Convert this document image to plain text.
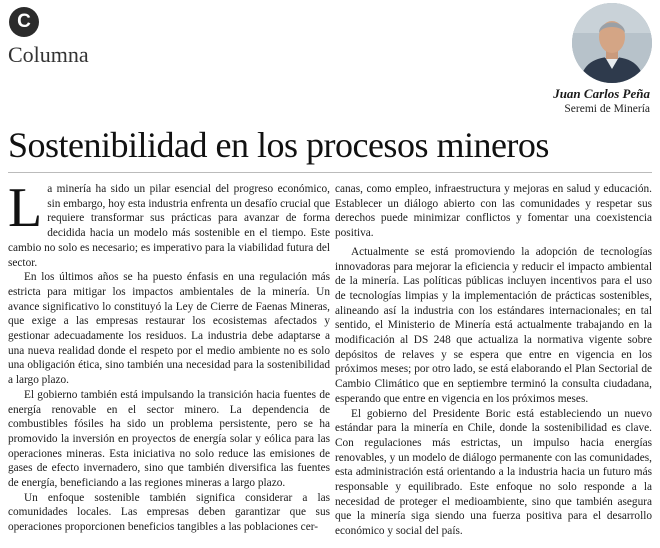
C
Columna
Juan Carlos Peña
Seremi de Minería
Sostenibilidad en los procesos mineros

La minería ha sido un pilar esencial del progreso económico, sin embargo, hoy esta industria enfrenta un desafío crucial que requiere transformar sus prácticas para avanzar de forma decidida hacia un modelo más sostenible en el tiempo. Este cambio no solo es necesario; es imperativo para la viabilidad futura del sector.

En los últimos años se ha puesto énfasis en una regulación más estricta para mitigar los impactos ambientales de la minería. Un avance significativo lo constituyó la Ley de Cierre de Faenas Mineras, que exige a las empresas restaurar los ecosistemas afectados y gestionar adecuadamente los residuos. La industria debe adaptarse a una nueva realidad donde el respeto por el medio ambiente no es solo una obligación ética, sino también una necesidad para la sostenibilidad a largo plazo.

El gobierno también está impulsando la transición hacia fuentes de energía renovable en el sector minero. La dependencia de combustibles fósiles ha sido un problema persistente, pero se ha promovido la inversión en proyectos de energía solar y eólica para las operaciones mineras. Esta iniciativa no solo reduce las emisiones de gases de efecto invernadero, sino que también diversifica las fuentes de energía, beneficiando a las regiones mineras a largo plazo.

Un enfoque sostenible también significa considerar a las comunidades locales. Las empresas deben garantizar que sus operaciones proporcionen beneficios tangibles a las poblaciones cer-

canas, como empleo, infraestructura y mejoras en salud y educación. Establecer un diálogo abierto con las comunidades y respetar sus derechos puede minimizar conflictos y fomentar una coexistencia positiva.

Actualmente se está promoviendo la adopción de tecnologías innovadoras para mejorar la eficiencia y reducir el impacto ambiental de la minería. Las políticas públicas incluyen incentivos para el uso de tecnologías limpias y la implementación de prácticas sostenibles, alineando así la industria con los estándares internacionales; en tal sentido, el Ministerio de Minería está actualmente trabajando en la modificación al DS 248 que actualiza la normativa vigente sobre depósitos de relaves y se espera que entre en vigencia en los próximos meses; por otro lado, se está elaborando el Plan Sectorial de Cambio Climático que en septiembre terminó la consulta ciudadana, esperando que entre en vigencia en los próximos meses.

El gobierno del Presidente Boric está estableciendo un nuevo estándar para la minería en Chile, donde la sostenibilidad es clave. Con regulaciones más estrictas, un impulso hacia energías renovables, y un modelo de diálogo permanente con las comunidades, esta administración está orientando a la industria hacia un futuro más responsable y equilibrado. Este enfoque no solo responde a la necesidad de proteger el medioambiente, sino que también asegura que la minería siga siendo una fuerza positiva para el desarrollo económico y social del país.
